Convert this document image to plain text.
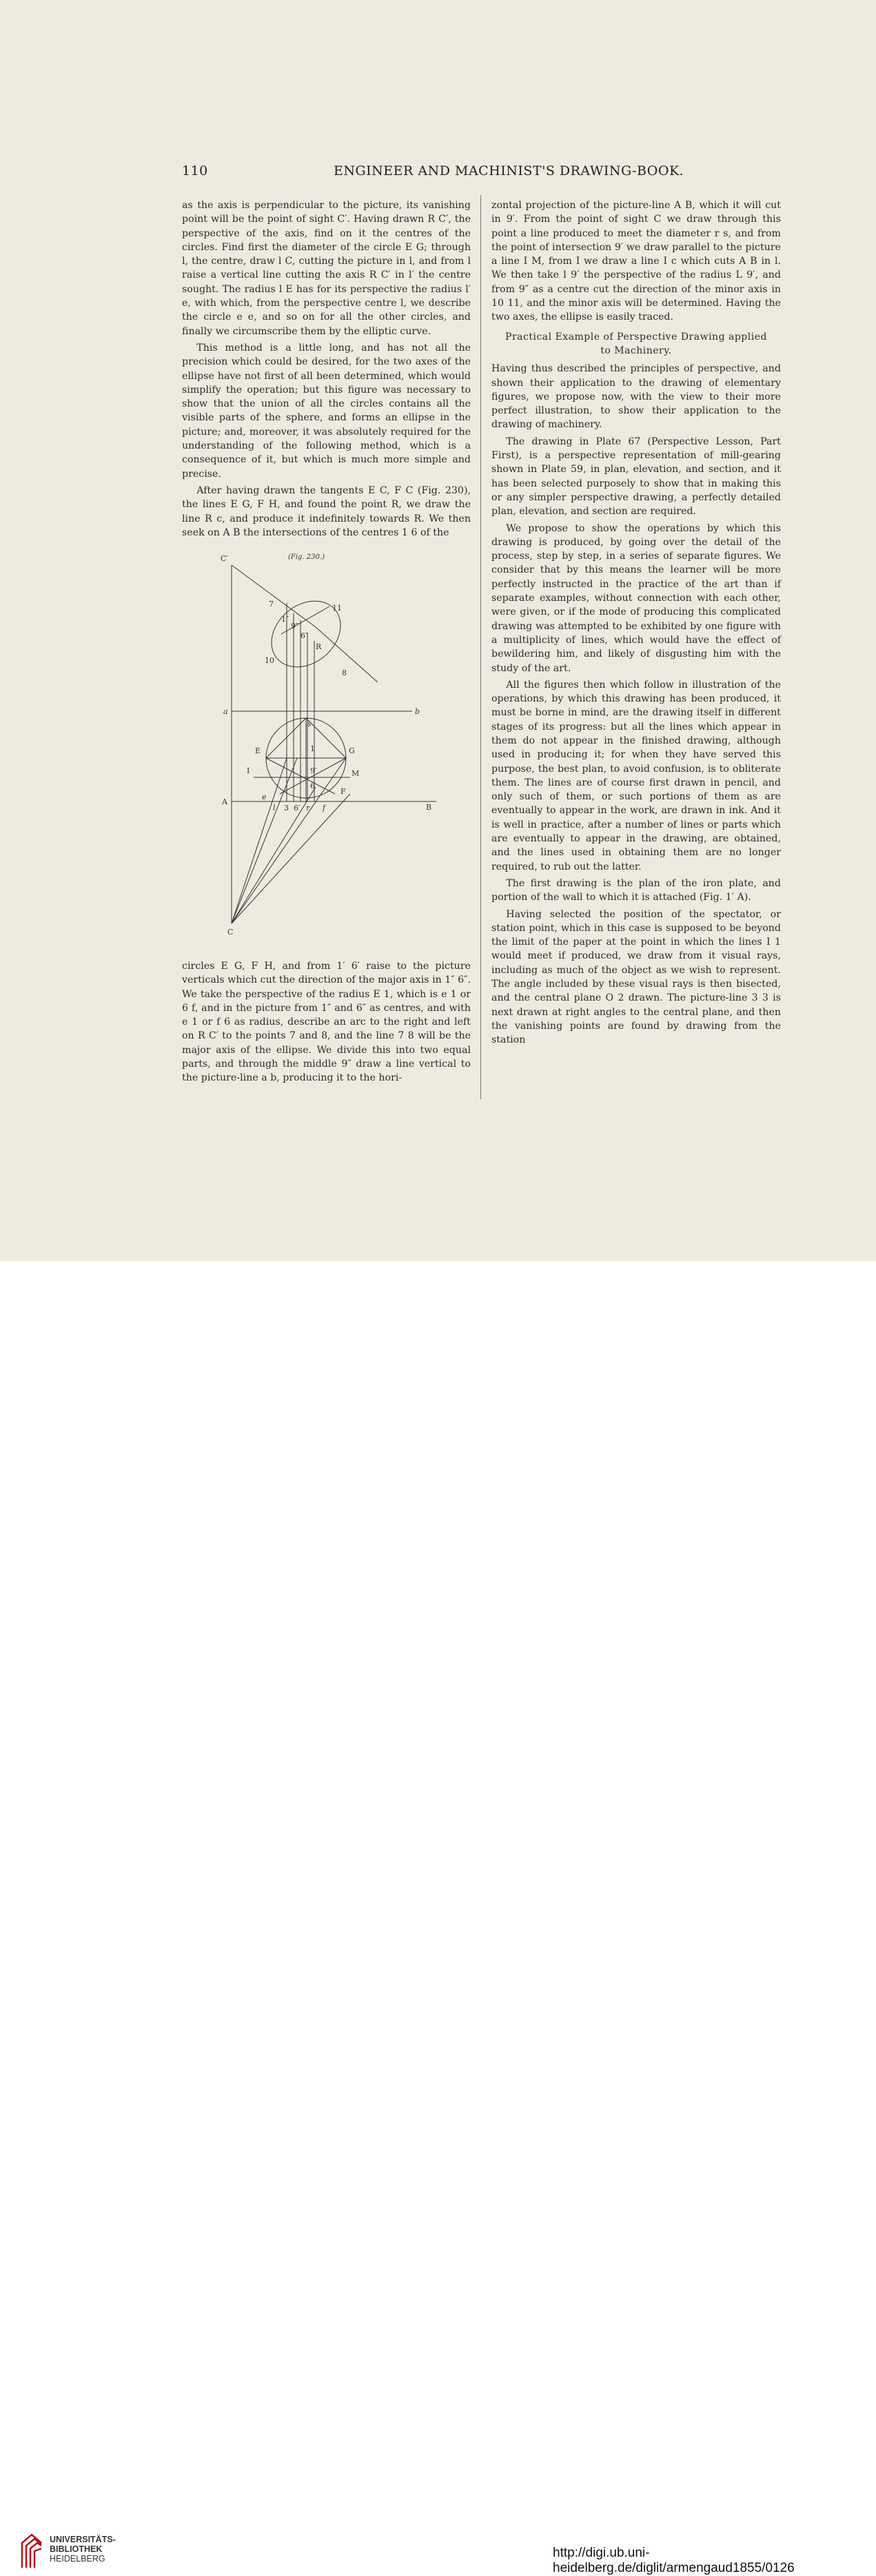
110	ENGINEER AND MACHINIST'S DRAWING-BOOK.

as the axis is perpendicular to the picture, its vanishing point will be the point of sight C′. Having drawn R C′, the perspective of the axis, find on it the centres of the circles. Find first the diameter of the circle E G; through l, the centre, draw l C, cutting the picture in l, and from l raise a vertical line cutting the axis R C′ in l′ the centre sought. The radius l E has for its perspective the radius l′ e, with which, from the perspective centre l, we describe the circle e e, and so on for all the other circles, and finally we circumscribe them by the elliptic curve.

This method is a little long, and has not all the precision which could be desired, for the two axes of the ellipse have not first of all been determined, which would simplify the operation; but this figure was necessary to show that the union of all the circles contains all the visible parts of the sphere, and forms an ellipse in the picture; and, moreover, it was absolutely required for the understanding of the following method, which is a consequence of it, but which is much more simple and precise.

After having drawn the tangents E C, F C (Fig. 230), the lines E G, F H, and found the point R, we draw the line R c, and produce it indefinitely towards R. We then seek on A B the intersections of the centres 1 6 of the

(Fig. 230.)
C′
C
a	b
A
B
E	G
I	M
F
s
1
9′
6
e
l 3 6′ r f
7	11
1″
9″
6″
R
10
8

circles E G, F H, and from 1′ 6′ raise to the picture verticals which cut the direction of the major axis in 1″ 6″. We take the perspective of the radius E 1, which is e 1 or 6 f, and in the picture from 1″ and 6″ as centres, and with e 1 or f 6 as radius, describe an arc to the right and left on R C′ to the points 7 and 8, and the line 7 8 will be the major axis of the ellipse. We divide this into two equal parts, and through the middle 9″ draw a line vertical to the picture-line a b, producing it to the hori-

zontal projection of the picture-line A B, which it will cut in 9′. From the point of sight C we draw through this point a line produced to meet the diameter r s, and from the point of intersection 9′ we draw parallel to the picture a line I M, from I we draw a line I c which cuts A B in l. We then take l 9′ the perspective of the radius L 9′, and from 9″ as a centre cut the direction of the minor axis in 10 11, and the minor axis will be determined. Having the two axes, the ellipse is easily traced.

Practical Example of Perspective Drawing applied
to Machinery.

Having thus described the principles of perspective, and shown their application to the drawing of elementary figures, we propose now, with the view to their more perfect illustration, to show their application to the drawing of machinery.

The drawing in Plate 67 (Perspective Lesson, Part First), is a perspective representation of mill-gearing shown in Plate 59, in plan, elevation, and section, and it has been selected purposely to show that in making this or any simpler perspective drawing, a perfectly detailed plan, elevation, and section are required.

We propose to show the operations by which this drawing is produced, by going over the detail of the process, step by step, in a series of separate figures. We consider that by this means the learner will be more perfectly instructed in the practice of the art than if separate examples, without connection with each other, were given, or if the mode of producing this complicated drawing was attempted to be exhibited by one figure with a multiplicity of lines, which would have the effect of bewildering him, and likely of disgusting him with the study of the art.

All the figures then which follow in illustration of the operations, by which this drawing has been produced, it must be borne in mind, are the drawing itself in different stages of its progress: but all the lines which appear in them do not appear in the finished drawing, although used in producing it; for when they have served this purpose, the best plan, to avoid confusion, is to obliterate them. The lines are of course first drawn in pencil, and only such of them, or such portions of them as are eventually to appear in the work, are drawn in ink. And it is well in practice, after a number of lines or parts which are eventually to appear in the drawing, are obtained, and the lines used in obtaining them are no longer required, to rub out the latter.

The first drawing is the plan of the iron plate, and portion of the wall to which it is attached (Fig. 1′ A).

Having selected the position of the spectator, or station point, which in this case is supposed to be beyond the limit of the paper at the point in which the lines I 1 would meet if produced, we draw from it visual rays, including as much of the object as we wish to represent. The angle included by these visual rays is then bisected, and the central plane O 2 drawn. The picture-line 3 3 is next drawn at right angles to the central plane, and then the vanishing points are found by drawing from the station

UNIVERSITÄTS-
BIBLIOTHEK
HEIDELBERG	http://digi.ub.uni-heidelberg.de/diglit/armengaud1855/0126
